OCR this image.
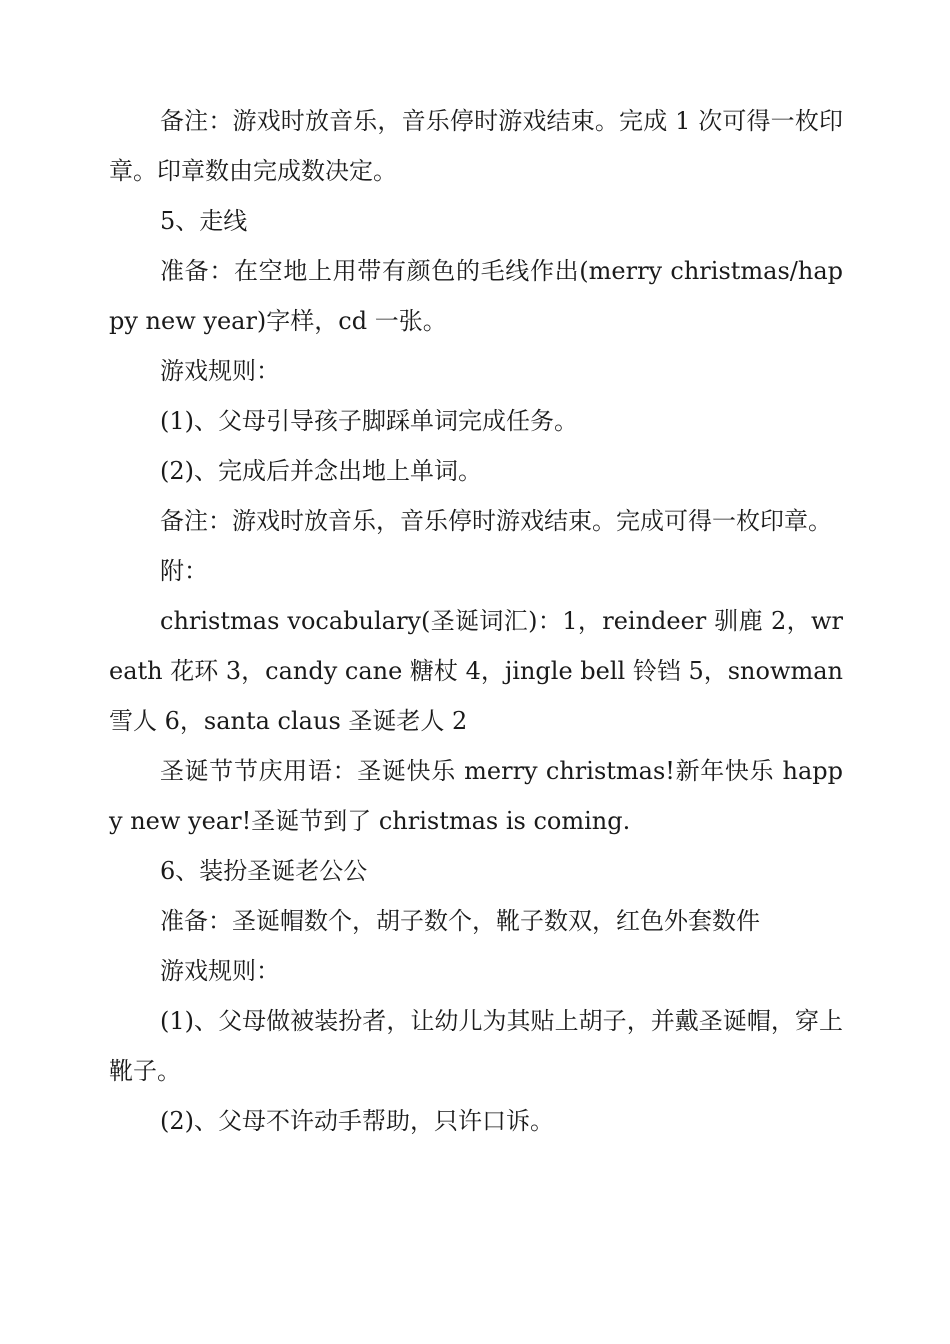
备注：游戏时放音乐，音乐停时游戏结束。完成 1 次可得一枚印章。印章数由完成数决定。

5、走线

准备：在空地上用带有颜色的毛线作出(merry christmas/happy new year)字样，cd 一张。

游戏规则：

(1)、父母引导孩子脚踩单词完成任务。

(2)、完成后并念出地上单词。

备注：游戏时放音乐，音乐停时游戏结束。完成可得一枚印章。

附：

christmas vocabulary(圣诞词汇)：1，reindeer 驯鹿 2，wreath 花环 3，candy cane 糖杖 4，jingle bell 铃铛 5，snowman 雪人 6，santa claus 圣诞老人 2

圣诞节节庆用语：圣诞快乐 merry christmas!新年快乐 happy new year!圣诞节到了 christmas is coming.

6、装扮圣诞老公公

准备：圣诞帽数个，胡子数个，靴子数双，红色外套数件

游戏规则：

(1)、父母做被装扮者，让幼儿为其贴上胡子，并戴圣诞帽，穿上靴子。

(2)、父母不许动手帮助，只许口诉。
